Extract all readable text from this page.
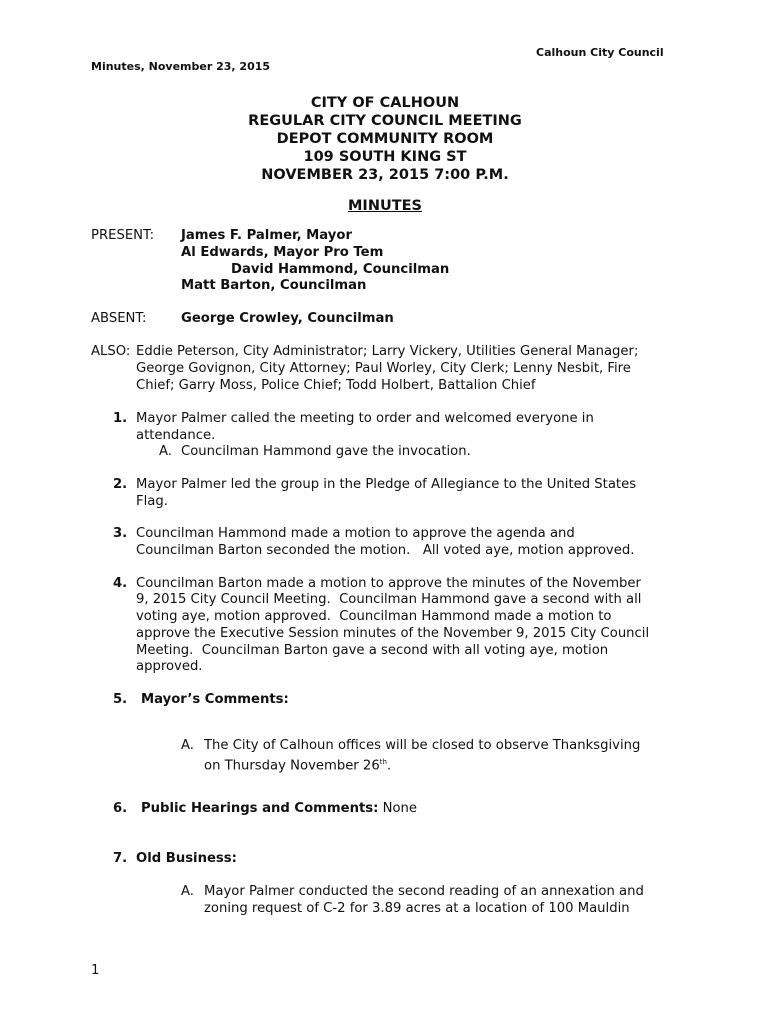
Calhoun City Council
Minutes, November 23, 2015
CITY OF CALHOUN
REGULAR CITY COUNCIL MEETING
DEPOT COMMUNITY ROOM
109 SOUTH KING ST
NOVEMBER 23, 2015 7:00 P.M.
MINUTES
PRESENT: James F. Palmer, Mayor
Al Edwards, Mayor Pro Tem
David Hammond, Councilman
Matt Barton, Councilman
ABSENT:	George Crowley, Councilman
ALSO: Eddie Peterson, City Administrator; Larry Vickery, Utilities General Manager;
George Govignon, City Attorney; Paul Worley, City Clerk; Lenny Nesbit, Fire
Chief; Garry Moss, Police Chief; Todd Holbert, Battalion Chief
1. Mayor Palmer called the meeting to order and welcomed everyone in
attendance.
A. Councilman Hammond gave the invocation.
2. Mayor Palmer led the group in the Pledge of Allegiance to the United States
Flag.
3. Councilman Hammond made a motion to approve the agenda and
Councilman Barton seconded the motion.   All voted aye, motion approved.
4. Councilman Barton made a motion to approve the minutes of the November
9, 2015 City Council Meeting.  Councilman Hammond gave a second with all
voting aye, motion approved.  Councilman Hammond made a motion to
approve the Executive Session minutes of the November 9, 2015 City Council
Meeting.  Councilman Barton gave a second with all voting aye, motion
approved.
5. Mayor’s Comments:
A. The City of Calhoun offices will be closed to observe Thanksgiving
on Thursday November 26th.
6. Public Hearings and Comments: None
7. Old Business:
A. Mayor Palmer conducted the second reading of an annexation and
zoning request of C-2 for 3.89 acres at a location of 100 Mauldin
1
